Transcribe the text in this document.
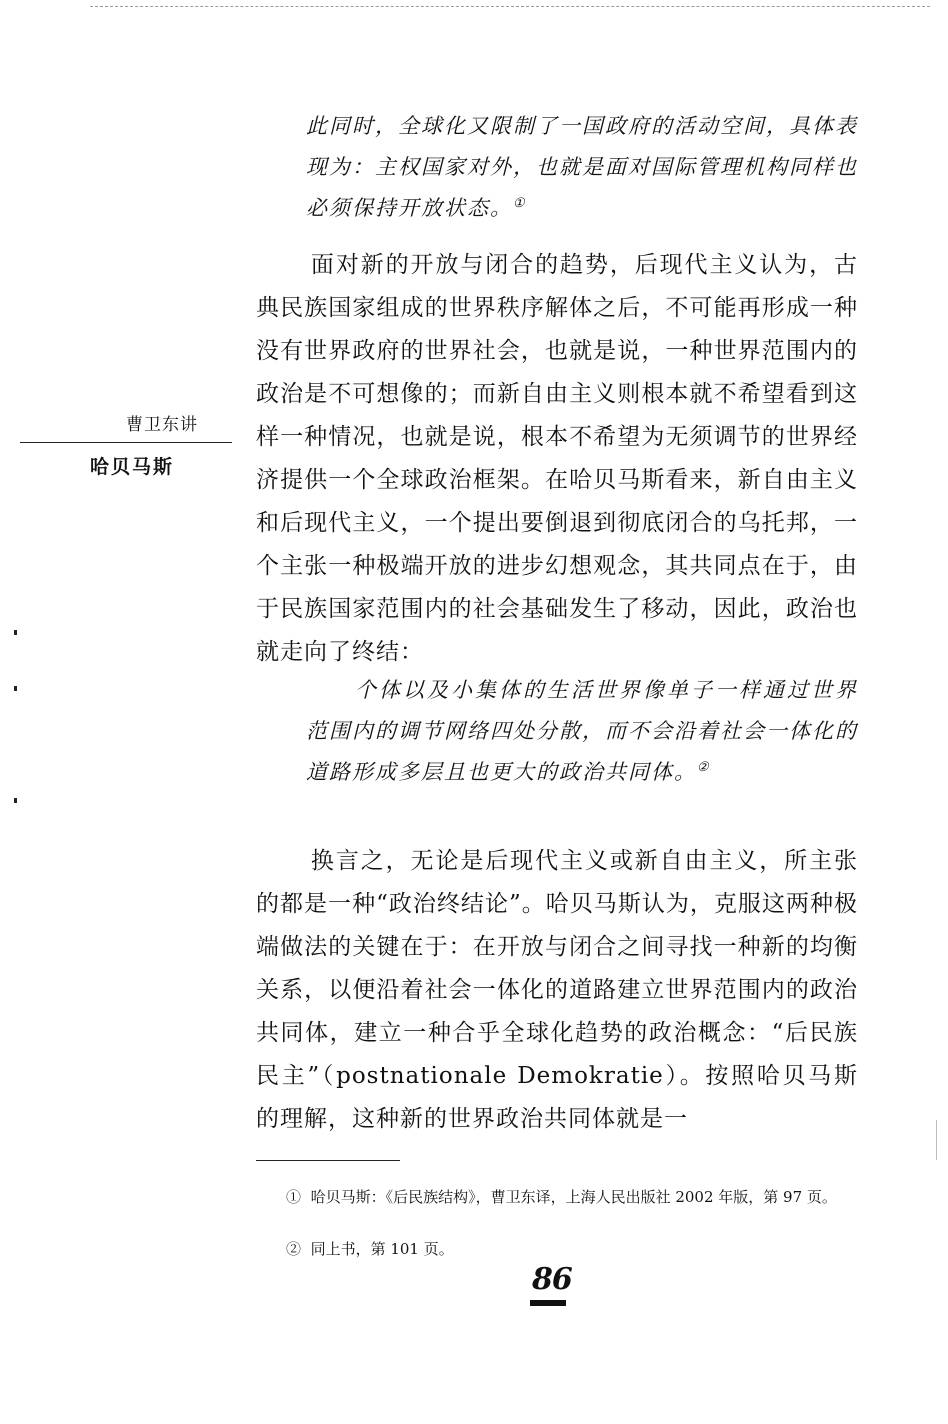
此同时，全球化又限制了一国政府的活动空间，具体表现为：主权国家对外，也就是面对国际管理机构同样也必须保持开放状态。①

面对新的开放与闭合的趋势，后现代主义认为，古典民族国家组成的世界秩序解体之后，不可能再形成一种没有世界政府的世界社会，也就是说，一种世界范围内的政治是不可想像的；而新自由主义则根本就不希望看到这样一种情况，也就是说，根本不希望为无须调节的世界经济提供一个全球政治框架。在哈贝马斯看来，新自由主义和后现代主义，一个提出要倒退到彻底闭合的乌托邦，一个主张一种极端开放的进步幻想观念，其共同点在于，由于民族国家范围内的社会基础发生了移动，因此，政治也就走向了终结：

个体以及小集体的生活世界像单子一样通过世界范围内的调节网络四处分散，而不会沿着社会一体化的道路形成多层且也更大的政治共同体。②

换言之，无论是后现代主义或新自由主义，所主张的都是一种“政治终结论”。哈贝马斯认为，克服这两种极端做法的关键在于：在开放与闭合之间寻找一种新的均衡关系，以便沿着社会一体化的道路建立世界范围内的政治共同体，建立一种合乎全球化趋势的政治概念：“后民族民主”（postnationale Demokratie）。按照哈贝马斯的理解，这种新的世界政治共同体就是一

曹卫东讲

哈贝马斯

① 哈贝马斯：《后民族结构》，曹卫东译，上海人民出版社 2002 年版，第 97 页。

② 同上书，第 101 页。

86
